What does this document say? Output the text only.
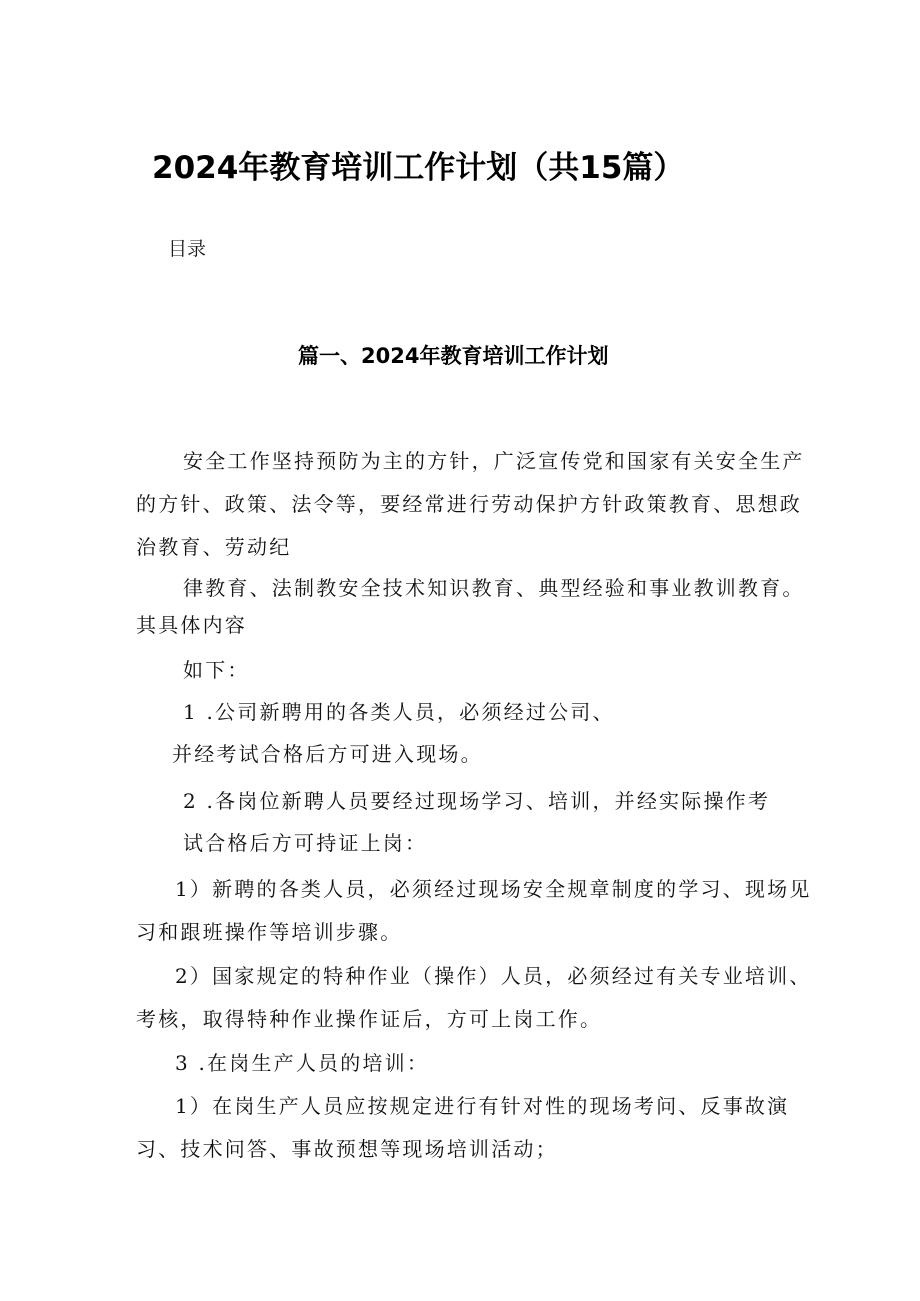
2024年教育培训工作计划（共15篇）
目录
篇一、2024年教育培训工作计划
安全工作坚持预防为主的方针，广泛宣传党和国家有关安全生产
的方针、政策、法令等，要经常进行劳动保护方针政策教育、思想政
治教育、劳动纪
律教育、法制教安全技术知识教育、典型经验和事业教训教育。
其具体内容
如下：
1 .公司新聘用的各类人员，必须经过公司、
并经考试合格后方可进入现场。
2 .各岗位新聘人员要经过现场学习、培训，并经实际操作考
试合格后方可持证上岗：
1）新聘的各类人员，必须经过现场安全规章制度的学习、现场见
习和跟班操作等培训步骤。
2）国家规定的特种作业（操作）人员，必须经过有关专业培训、
考核，取得特种作业操作证后，方可上岗工作。
3 .在岗生产人员的培训：
1）在岗生产人员应按规定进行有针对性的现场考问、反事故演
习、技术问答、事故预想等现场培训活动；
